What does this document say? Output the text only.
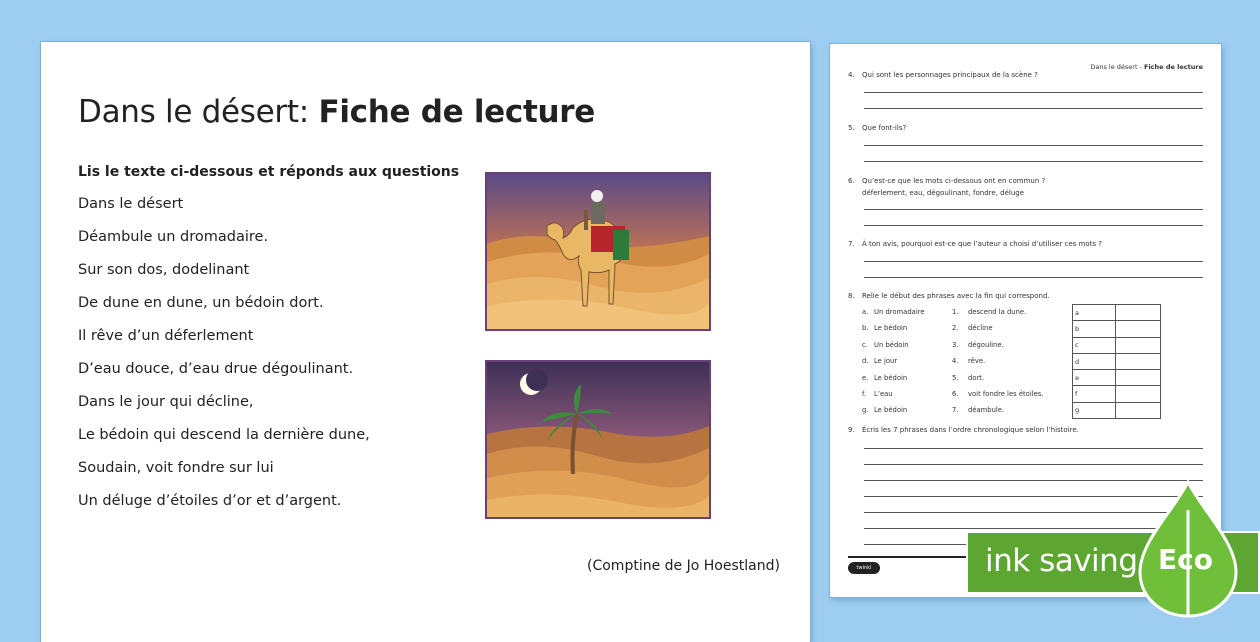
Dans le désert: Fiche de lecture
Lis le texte ci-dessous et réponds aux questions
Dans le désert
Déambule un dromadaire.
Sur son dos, dodelinant
De dune en dune, un bédoin dort.
Il rêve d’un déferlement
D’eau douce, d’eau drue dégoulinant.
Dans le jour qui décline,
Le bédoin qui descend la dernière dune,
Soudain, voit fondre sur lui
Un déluge d’étoiles d’or et d’argent.
(Comptine de Jo Hoestland)
Dans le désert - Fiche de lecture
4. Qui sont les personnages principaux de la scène ?
5. Que font-ils?
6. Qu’est-ce que les mots ci-dessous ont en commun ?
déferlement, eau, dégoulinant, fondre, déluge
7. À ton avis, pourquoi est-ce que l’auteur a choisi d’utiliser ces mots ?
8. Relie le début des phrases avec la fin qui correspond.
a. Un dromadaire	1. descend la dune.
b. Le bédoin	2. décline
c. Un bédoin	3. dégouline.
d. Le jour	4. rêve.
e. Le bédoin	5. dort.
f. L’eau	6. voit fondre les étoiles.
g. Le bédoin	7. déambule.
a	
b	
c	
d	
e	
f	
g	
9. Écris les 7 phrases dans l’ordre chronologique selon l’histoire.
twinkl	ink saving Eco
